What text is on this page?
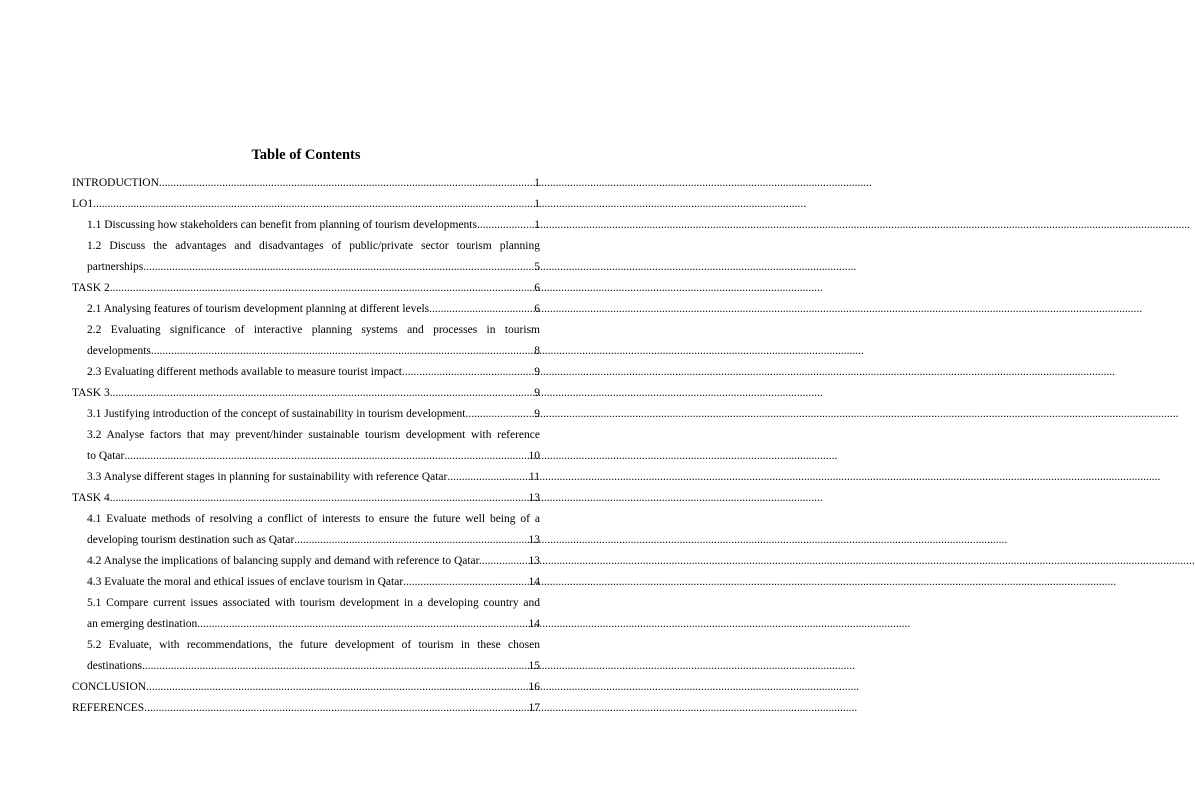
Table of Contents
INTRODUCTION .....	1
LO1 .....	1
1.1 Discussing how stakeholders can benefit from planning of tourism developments .....	1
1.2 Discuss the advantages and disadvantages of public/private sector tourism planning
partnerships .....	5
TASK 2 .....	6
2.1 Analysing features of tourism development planning at different levels .....	6
2.2 Evaluating significance of interactive planning systems and processes in tourism
developments .....	8
2.3 Evaluating different methods available to measure tourist impact .....	9
TASK 3 .....	9
3.1 Justifying introduction of the concept of sustainability in tourism development .....	9
3.2 Analyse factors that may prevent/hinder sustainable tourism development with reference
to Qatar .....	10
3.3 Analyse different stages in planning for sustainability with reference Qatar .....	11
TASK 4 .....	13
4.1 Evaluate methods of resolving a conflict of interests to ensure the future well being of a
developing tourism destination such as Qatar .....	13
4.2 Analyse the implications of balancing supply and demand with reference to Qatar. .....	13
4.3 Evaluate the moral and ethical issues of enclave tourism in Qatar .....	14
5.1 Compare current issues associated with tourism development in a developing country and
an emerging destination .....	14
5.2 Evaluate, with recommendations, the future development of tourism in these chosen
destinations .....	15
CONCLUSION .....	16
REFERENCES .....	17
